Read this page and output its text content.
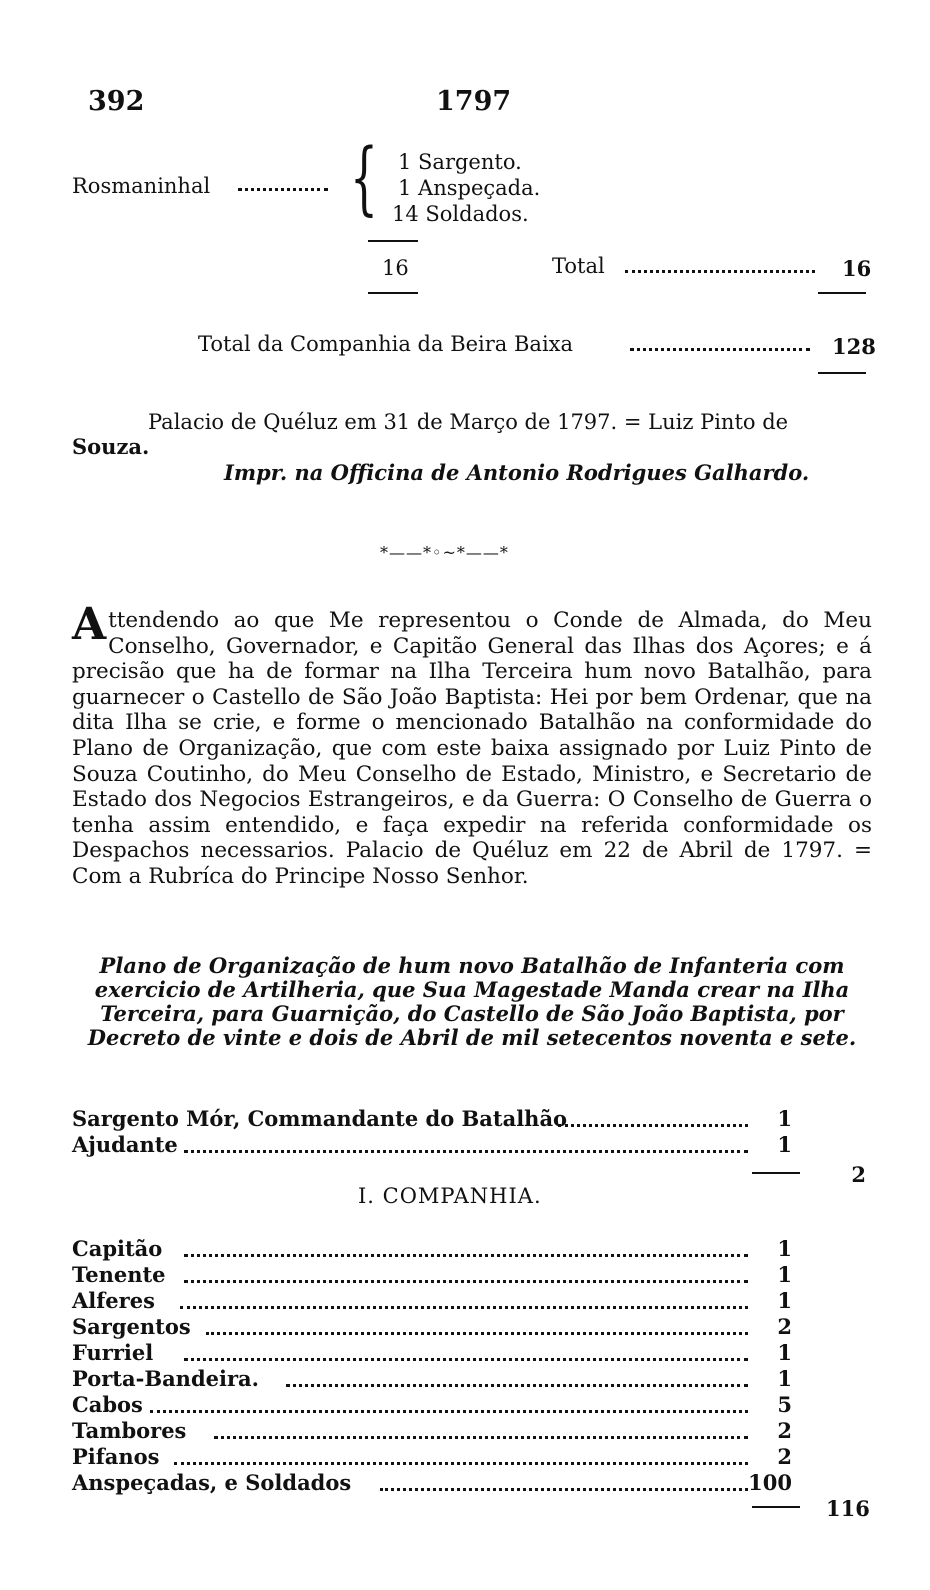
392	1797
Rosmaninhal { 1 Sargento.
1 Anspeçada.
14 Soldados.
16	Total	16
Total da Companhia da Beira Baixa	128
Palacio de Quéluz em 31 de Março de 1797. = Luiz Pinto de
Souza.
Impr. na Officina de Antonio Rodrigues Galhardo.
*——*◦~*——*
Attendendo ao que Me representou o Conde de Almada, do Meu Conselho, Governador, e Capitão General das Ilhas dos Açores; e á precisão que ha de formar na Ilha Terceira hum novo Batalhão, para guarnecer o Castello de São João Baptista: Hei por bem Ordenar, que na dita Ilha se crie, e forme o mencionado Batalhão na conformidade do Plano de Organização, que com este baixa assignado por Luiz Pinto de Souza Coutinho, do Meu Conselho de Estado, Ministro, e Secretario de Estado dos Negocios Estrangeiros, e da Guerra: O Conselho de Guerra o tenha assim entendido, e faça expedir na referida conformidade os Despachos necessarios. Palacio de Quéluz em 22 de Abril de 1797. = Com a Rubríca do Principe Nosso Senhor.
Plano de Organização de hum novo Batalhão de Infanteria com exercicio de Artilheria, que Sua Magestade Manda crear na Ilha Terceira, para Guarnição, do Castello de São João Baptista, por Decreto de vinte e dois de Abril de mil setecentos noventa e sete.
Sargento Mór, Commandante do Batalhão	1
Ajudante	1
2
I. COMPANHIA.
Capitão	1
Tenente	1
Alferes	1
Sargentos	2
Furriel	1
Porta-Bandeira.	1
Cabos	5
Tambores	2
Pifanos	2
Anspeçadas, e Soldados	100
116
